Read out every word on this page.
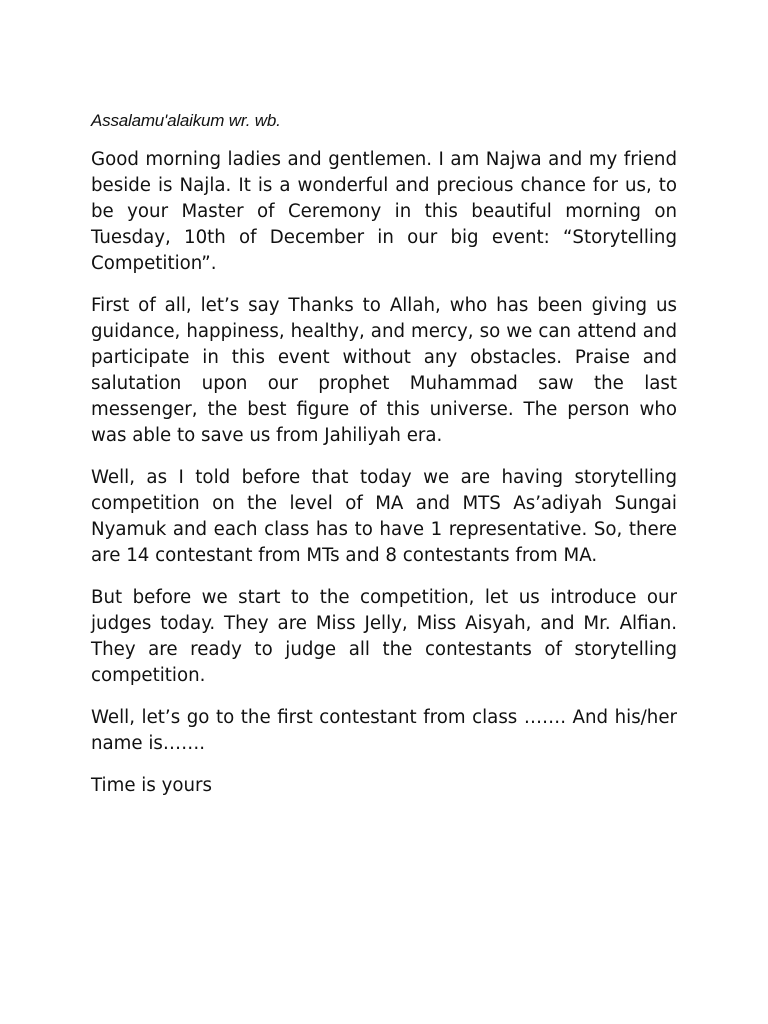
Assalamu'alaikum wr. wb.

Good morning ladies and gentlemen. I am Najwa and my friend beside is Najla. It is a wonderful and precious chance for us, to be your Master of Ceremony in this beautiful morning on Tuesday, 10th of December in our big event: “Storytelling Competition”.

First of all, let’s say Thanks to Allah, who has been giving us guidance, happiness, healthy, and mercy, so we can attend and participate in this event without any obstacles. Praise and salutation upon our prophet Muhammad saw the last messenger, the best figure of this universe. The person who was able to save us from Jahiliyah era.

Well, as I told before that today we are having storytelling competition on the level of MA and MTS As’adiyah Sungai Nyamuk and each class has to have 1 representative. So, there are 14 contestant from MTs and 8 contestants from MA.

But before we start to the competition, let us introduce our judges today. They are Miss Jelly, Miss Aisyah, and Mr. Alfian. They are ready to judge all the contestants of storytelling competition.

Well, let’s go to the first contestant from class ……. And his/her name is…….

Time is yours
